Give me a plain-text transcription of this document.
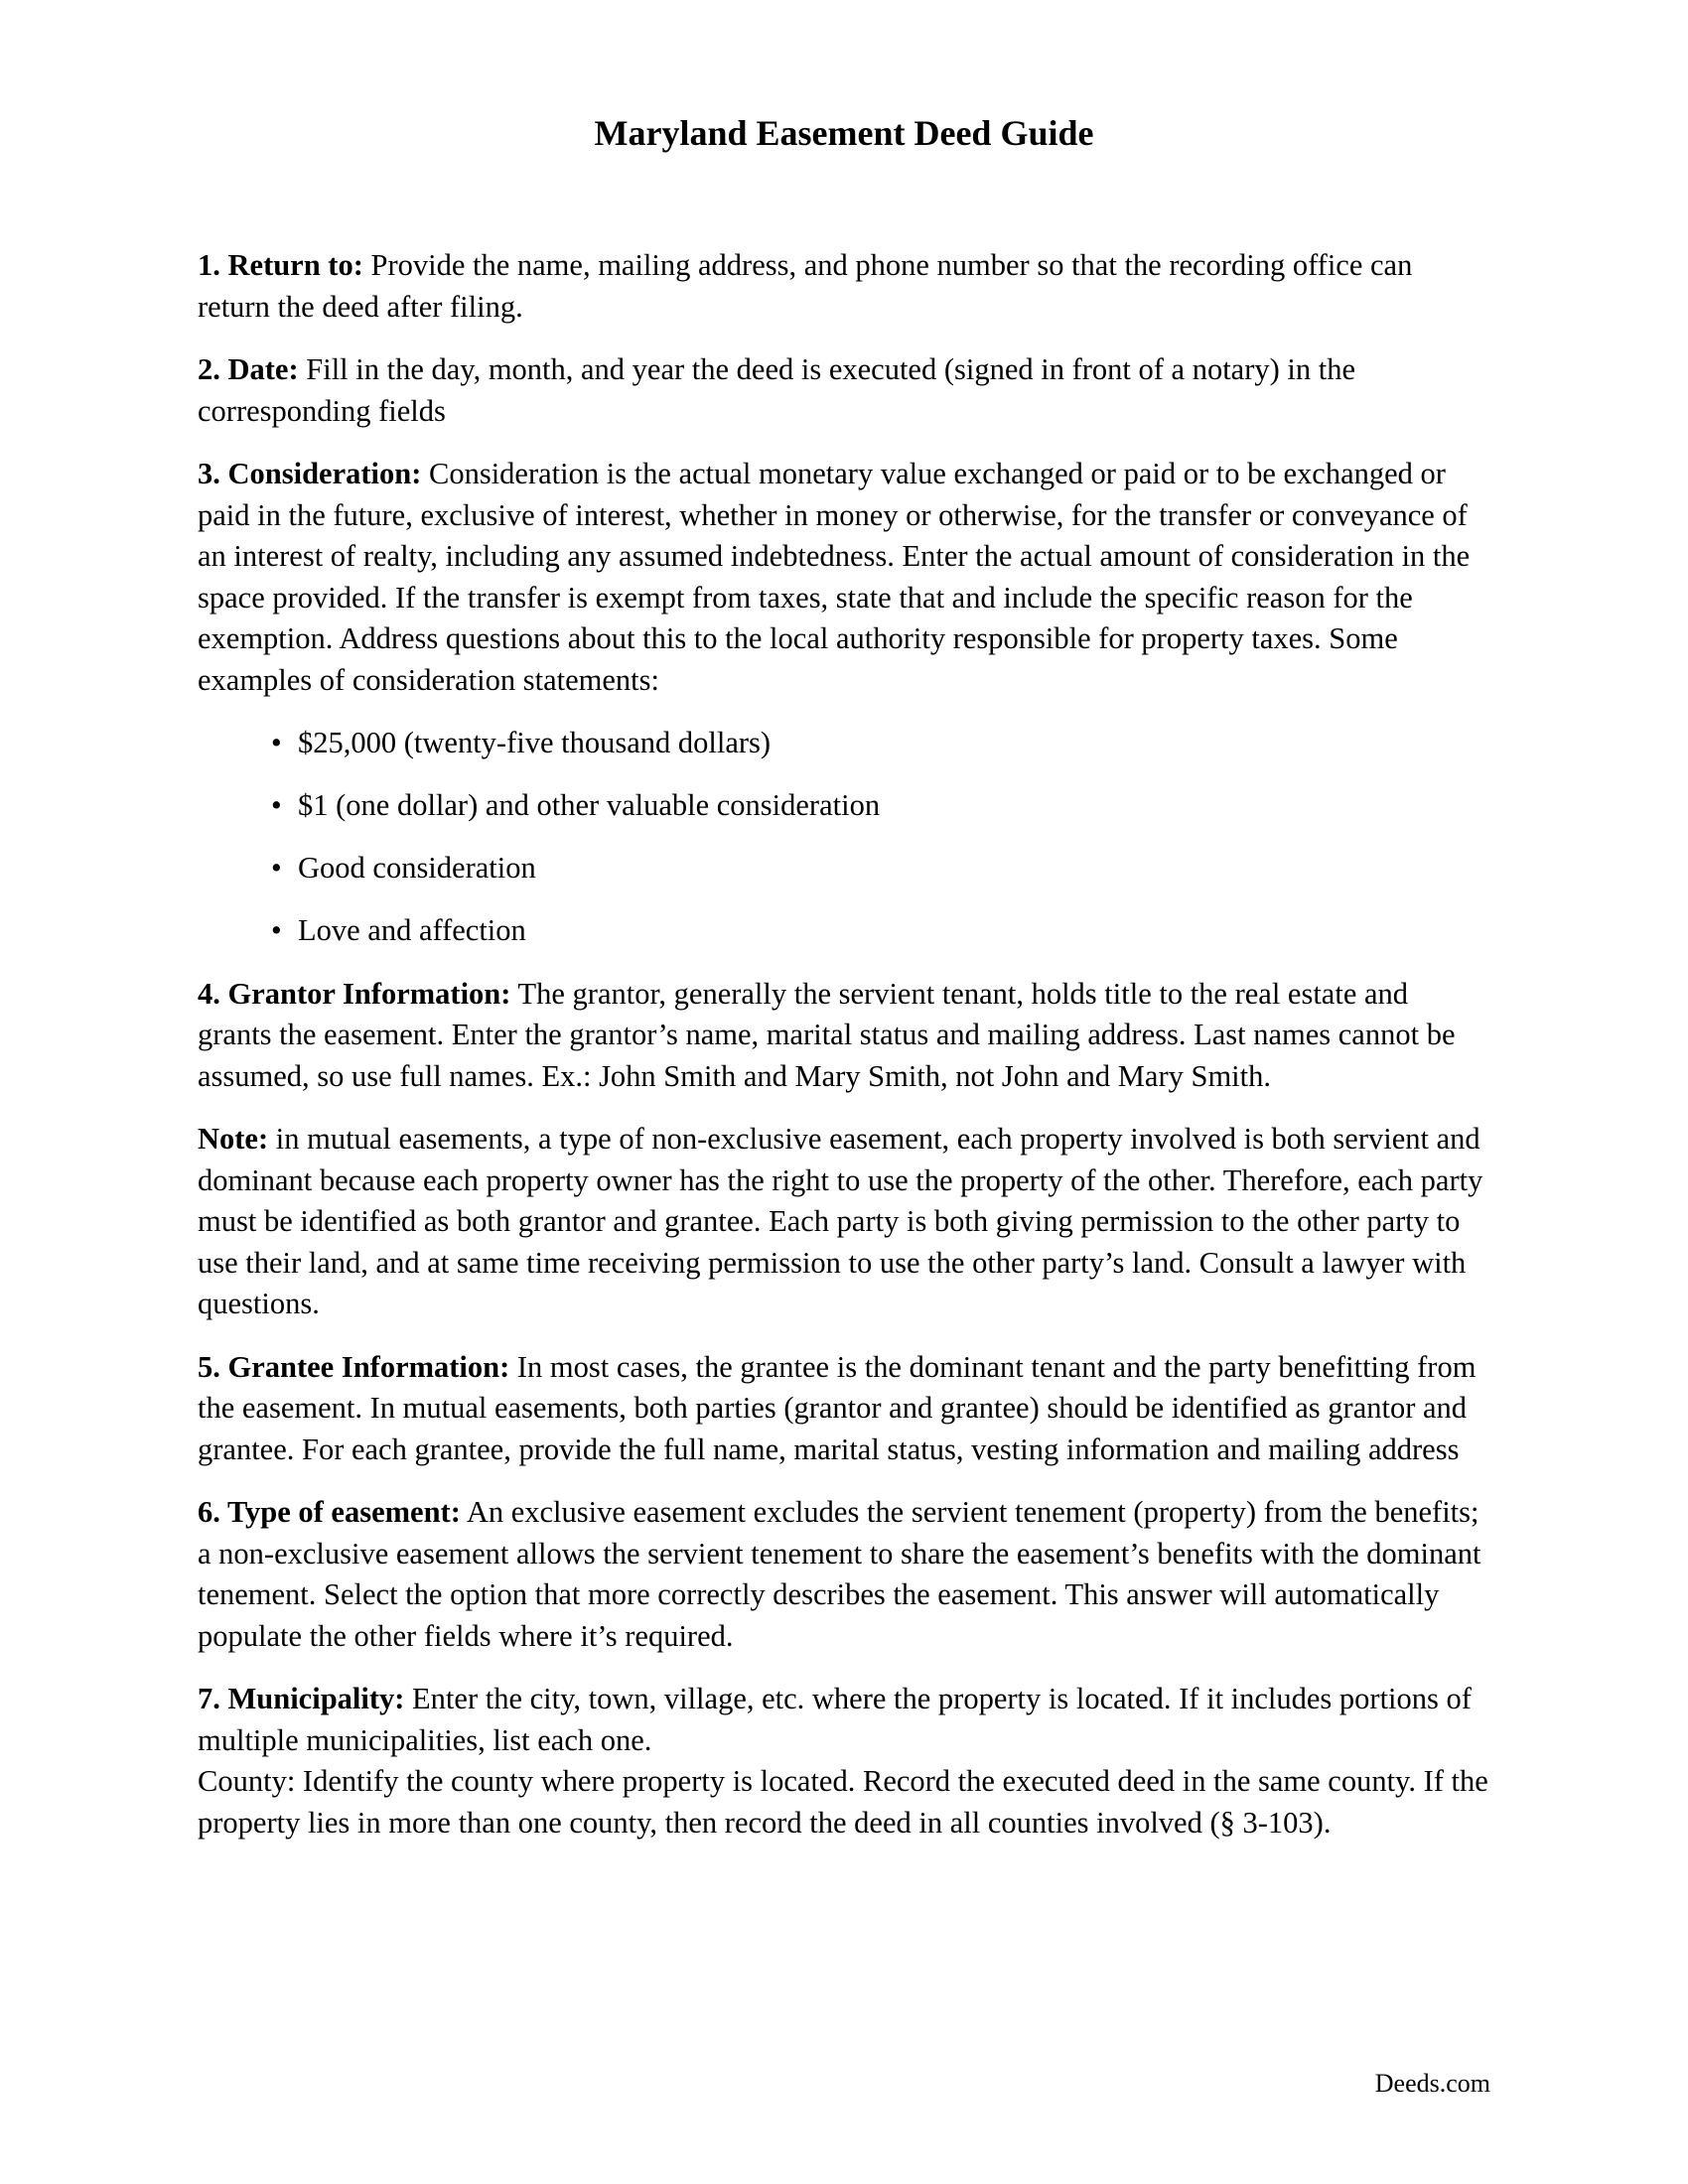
Maryland Easement Deed Guide

1. Return to: Provide the name, mailing address, and phone number so that the recording office can return the deed after filing.

2. Date: Fill in the day, month, and year the deed is executed (signed in front of a notary) in the corresponding fields

3. Consideration: Consideration is the actual monetary value exchanged or paid or to be exchanged or paid in the future, exclusive of interest, whether in money or otherwise, for the transfer or conveyance of an interest of realty, including any assumed indebtedness. Enter the actual amount of consideration in the space provided. If the transfer is exempt from taxes, state that and include the specific reason for the exemption. Address questions about this to the local authority responsible for property taxes. Some examples of consideration statements:

• $25,000 (twenty-five thousand dollars)
• $1 (one dollar) and other valuable consideration
• Good consideration
• Love and affection

4. Grantor Information: The grantor, generally the servient tenant, holds title to the real estate and grants the easement. Enter the grantor’s name, marital status and mailing address. Last names cannot be assumed, so use full names. Ex.: John Smith and Mary Smith, not John and Mary Smith.

Note: in mutual easements, a type of non-exclusive easement, each property involved is both servient and dominant because each property owner has the right to use the property of the other. Therefore, each party must be identified as both grantor and grantee. Each party is both giving permission to the other party to use their land, and at same time receiving permission to use the other party’s land. Consult a lawyer with questions.

5. Grantee Information: In most cases, the grantee is the dominant tenant and the party benefitting from the easement. In mutual easements, both parties (grantor and grantee) should be identified as grantor and grantee. For each grantee, provide the full name, marital status, vesting information and mailing address

6. Type of easement: An exclusive easement excludes the servient tenement (property) from the benefits; a non-exclusive easement allows the servient tenement to share the easement’s benefits with the dominant tenement. Select the option that more correctly describes the easement. This answer will automatically populate the other fields where it’s required.

7. Municipality: Enter the city, town, village, etc. where the property is located. If it includes portions of multiple municipalities, list each one.

County: Identify the county where property is located. Record the executed deed in the same county. If the property lies in more than one county, then record the deed in all counties involved (§ 3-103).

Deeds.com
